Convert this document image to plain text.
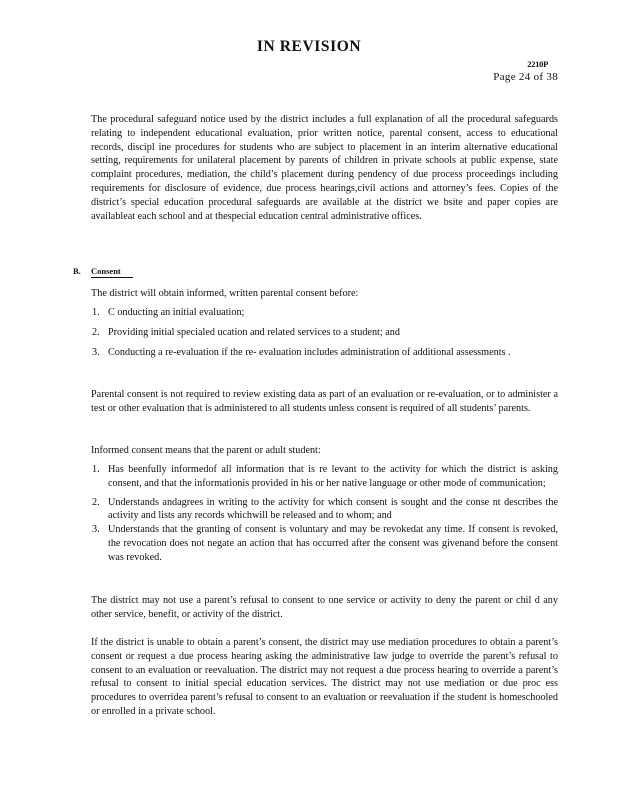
IN REVISION
2210P
Page 24 of 38

The procedural safeguard notice used by the district includes a full explanation of all the procedural safeguards relating to independent educational evaluation, prior written notice, parental consent, access to educational records, discipl ine procedures for students who are subject to placement in an interim alternative educational setting, requirements for unilateral placement by parents of children in private schools at public expense, state complaint procedures, mediation, the child’s placement during pendency of due process proceedings including requirements for disclosure of evidence, due process hearings,civil actions and attorney’s fees. Copies of the district’s special education procedural safeguards are available at the district we bsite and paper copies are availableat each school and at thespecial education central administrative offices.

B. Consent

The district will obtain informed, written parental consent before:

1. C onducting an initial evaluation;
2. Providing initial specialed ucation and related services to a student; and
3. Conducting a re-evaluation if the re- evaluation includes administration of additional assessments .

Parental consent is not required to review existing data as part of an evaluation or re-evaluation, or to administer a test or other evaluation that is administered to all students unless consent is required of all students’ parents.

Informed consent means that the parent or adult student:

1. Has beenfully informedof all information that is re levant to the activity for which the district is asking consent, and that the informationis provided in his or her native language or other mode of communication;
2. Understands andagrees in writing to the activity for which consent is sought and the conse nt describes the activity and lists any records whichwill be released and to whom; and
3. Understands that the granting of consent is voluntary and may be revokedat any time. If consent is revoked, the revocation does not negate an action that has occurred after the consent was givenand before the consent was revoked.

The district may not use a parent’s refusal to consent to one service or activity to deny the parent or chil d any other service, benefit, or activity of the district.

If the district is unable to obtain a parent’s consent, the district may use mediation procedures to obtain a parent’s consent or request a due process hearing asking the administrative law judge to override the parent’s refusal to consent to an evaluation or reevaluation. The district may not request a due process hearing to override a parent’s refusal to consent to initial special education services. The district may not use mediation or due proc ess procedures to overridea parent’s refusal to consent to an evaluation or reevaluation if the student is homeschooled or enrolled in a private school.
